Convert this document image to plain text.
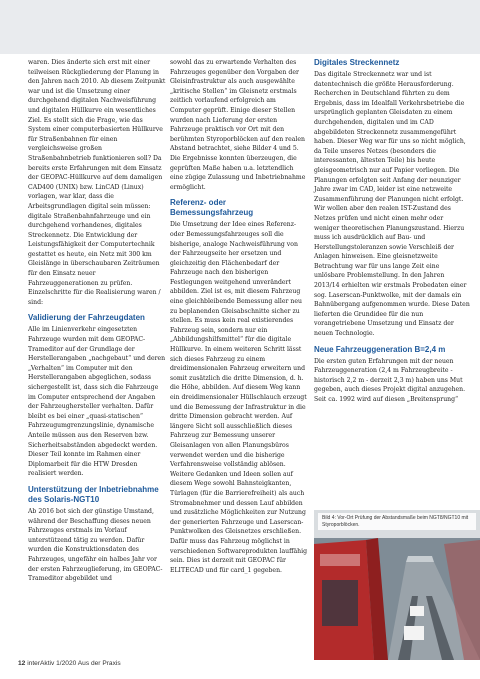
waren. Dies änderte sich erst mit einer teilweisen Rückgliederung der Planung in den Jahren nach 2010. Ab diesem Zeitpunkt war und ist die Umsetzung einer durchgehend digitalen Nachweisführung und digitalen Hüllkurve ein wesentliches Ziel. Es stellt sich die Frage, wie das System einer computerbasierten Hüllkurve für Straßenbahnen für einen vergleichsweise großen Straßenbahnbetrieb funktionieren soll? Da bereits erste Erfahrungen mit dem Einsatz der GEOPAC-Hüllkurve auf dem damaligen CAD400 (UNIX) bzw. LinCAD (Linux) vorlagen, war klar, dass die Arbeitsgrundlagen digital sein müssen: digitale Straßenbahnfahrzeuge und ein durchgehend vorhandenes, digitales Streckennetz. Die Entwicklung der Leistungsfähigkeit der Computertechnik gestattet es heute, ein Netz mit 300 km Gleislänge in überschaubaren Zeiträumen für den Einsatz neuer Fahrzeuggenerationen zu prüfen. Einzelschritte für die Realisierung waren / sind:

Validierung der Fahrzeugdaten

Alle im Linienverkehr eingesetzten Fahrzeuge wurden mit dem GEOPAC-Trameditor auf der Grundlage der Herstellerangaben „nachgebaut“ und deren „Verhalten“ im Computer mit den Herstellerangaben abgeglichen, sodass sichergestellt ist, dass sich die Fahrzeuge im Computer entsprechend der Angaben der Fahrzeughersteller verhalten. Dafür bleibt es bei einer „quasi-statischen“ Fahrzeugumgrenzungslinie, dynamische Anteile müssen aus den Reserven bzw. Sicherheitsabständen abgedeckt werden. Dieser Teil konnte im Rahmen einer Diplomarbeit für die HTW Dresden realisiert werden.

Unterstützung der Inbetriebnahme des Solaris-NGT10

Ab 2016 bot sich der günstige Umstand, während der Beschaffung dieses neuen Fahrzeuges erstmals im Vorlauf unterstützend tätig zu werden. Dafür wurden die Konstruktionsdaten des Fahrzeuges, ungefähr ein halbes Jahr vor der ersten Fahrzeuglieferung, im GEOPAC-Trameditor abgebildet und

sowohl das zu erwartende Verhalten des Fahrzeuges gegenüber den Vorgaben der Gleisinfrastruktur als auch ausgewählte „kritische Stellen“ im Gleisnetz erstmals zeitlich vorlaufend erfolgreich am Computer geprüft. Einige dieser Stellen wurden nach Lieferung der ersten Fahrzeuge praktisch vor Ort mit den berühmten Styroporblöcken auf den realen Abstand betrachtet, siehe Bilder 4 und 5. Die Ergebnisse konnten überzeugen, die geprüften Maße haben u.a. letztendlich eine zügige Zulassung und Inbetriebnahme ermöglicht.

Referenz- oder Bemessungsfahrzeug

Die Umsetzung der Idee eines Referenz- oder Bemessungsfahrzeuges soll die bisherige, analoge Nachweisführung von der Fahrzeugseite her ersetzen und gleichzeitig den Flächenbedarf der Fahrzeuge nach den bisherigen Festlegungen weitgehend unverändert abbilden. Ziel ist es, mit diesem Fahrzeug eine gleichbleibende Bemessung aller neu zu beplanenden Gleisabschnitte sicher zu stellen. Es muss kein real existierendes Fahrzeug sein, sondern nur ein „Abbildungshilfsmittel“ für die digitale Hüllkurve. In einem weiteren Schritt lässt sich dieses Fahrzeug zu einem dreidimensionalen Fahrzeug erweitern und somit zusätzlich die dritte Dimension, d. h. die Höhe, abbilden. Auf diesem Weg kann ein dreidimensionaler Hüllschlauch erzeugt und die Bemessung der Infrastruktur in die dritte Dimension gebracht werden. Auf längere Sicht soll ausschließlich dieses Fahrzeug zur Bemessung unserer Gleisanlagen von allen Planungsbüros verwendet werden und die bisherige Verfahrensweise vollständig ablösen. Weitere Gedanken und Ideen sollen auf diesem Wege sowohl Bahnsteigkanten, Türlagen (für die Barrierefreiheit) als auch Stromabnehmer und dessen Lauf abbilden und zusätzliche Möglichkeiten zur Nutzung der generierten Fahrzeuge und Laserscan-Punktwolken des Gleisnetzes erschließen. Dafür muss das Fahrzeug möglichst in verschiedenen Softwareprodukten lauffähig sein. Dies ist derzeit mit GEOPAC für ELITECAD und für card_1 gegeben.

Digitales Streckennetz

Das digitale Streckennetz war und ist datentechnisch die größte Herausforderung. Recherchen in Deutschland führten zu dem Ergebnis, dass im Idealfall Verkehrsbetriebe die ursprünglich geplanten Gleisdaten zu einem durchgehenden, digitalen und im CAD abgebildeten Streckennetz zusammengeführt haben. Dieser Weg war für uns so nicht möglich, da Teile unseres Netzes (besonders die interessanten, ältesten Teile) bis heute gleisgeometrisch nur auf Papier vorliegen. Die Planungen erfolgten seit Anfang der neunziger Jahre zwar im CAD, leider ist eine netzweite Zusammenführung der Planungen nicht erfolgt. Wir wollen aber den realen IST-Zustand des Netzes prüfen und nicht einen mehr oder weniger theoretischen Planungszustand. Hierzu muss ich ausdrücklich auf Bau- und Herstellungstoleranzen sowie Verschleiß der Anlagen hinweisen. Eine gleisnetzweite Betrachtung war für uns lange Zeit eine unlösbare Problemstellung. In den Jahren 2013/14 erhielten wir erstmals Probedaten einer sog. Laserscan-Punktwolke, mit der damals ein Bahnübergang aufgenommen wurde. Diese Daten lieferten die Grundidee für die nun vorangetriebene Umsetzung und Einsatz der neuen Technologie.

Neue Fahrzeuggeneration B=2,4 m

Die ersten guten Erfahrungen mit der neuen Fahrzeuggeneration (2,4 m Fahrzeugbreite - historisch 2,2 m - derzeit 2,3 m) haben uns Mut gegeben, auch dieses Projekt digital anzugehen. Seit ca. 1992 wird auf diesen „Breitensprung“

Bild 4: Vor-Ort Prüfung der Abstandsmaße beim NGT8/NGT10 mit Styroporblöcken.
12 interAktiv 1/2020 Aus der Praxis
